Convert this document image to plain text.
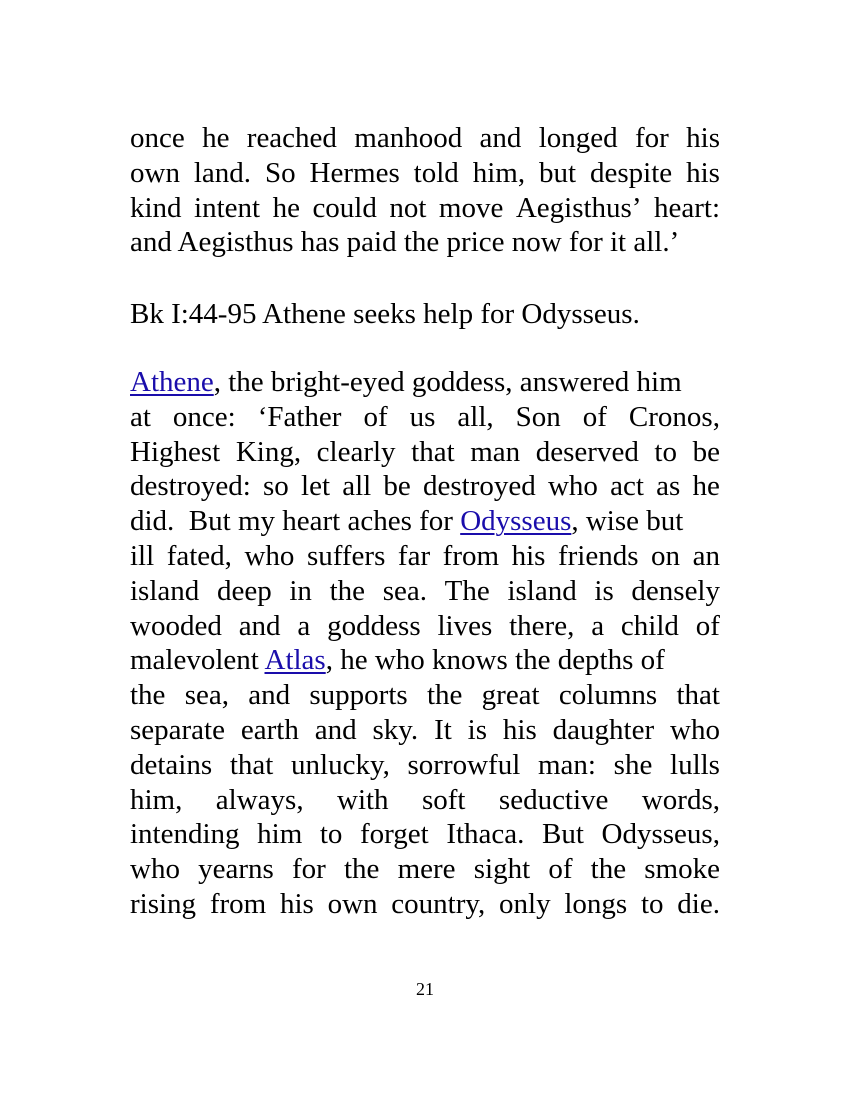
once he reached manhood and longed for his
own land. So Hermes told him, but despite his
kind intent he could not move Aegisthus’ heart:
and Aegisthus has paid the price now for it all.’
Bk I:44-95 Athene seeks help for Odysseus.
Athene, the bright-eyed goddess, answered him
at once: ‘Father of us all, Son of Cronos,
Highest King, clearly that man deserved to be
destroyed: so let all be destroyed who act as he
did.  But my heart aches for Odysseus, wise but
ill fated, who suffers far from his friends on an
island deep in the sea. The island is densely
wooded and a goddess lives there, a child of
malevolent Atlas, he who knows the depths of
the sea, and supports the great columns that
separate earth and sky. It is his daughter who
detains that unlucky, sorrowful man: she lulls
him, always, with soft seductive words,
intending him to forget Ithaca. But Odysseus,
who yearns for the mere sight of the smoke
rising from his own country, only longs to die.
21
